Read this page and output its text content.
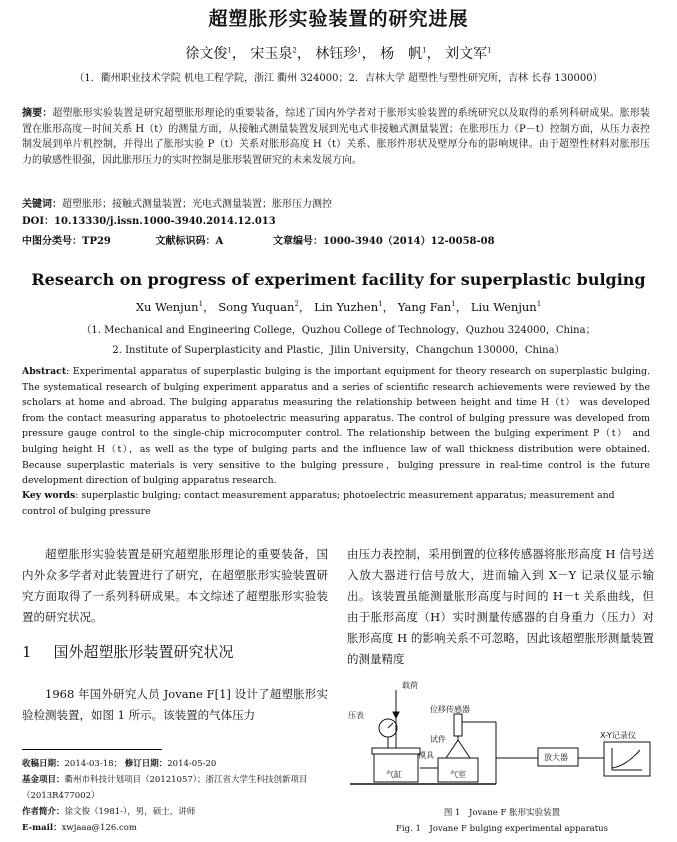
超塑胀形实验装置的研究进展
徐文俊$^1$， 宋玉泉$^2$， 林钰珍$^1$， 杨　帆$^1$， 刘文军$^1$
（1．衢州职业技术学院 机电工程学院，浙江 衢州 324000；2．吉林大学 超塑性与塑性研究所，吉林 长春 130000）
摘要：超塑胀形实验装置是研究超塑胀形理论的重要装备，综述了国内外学者对于胀形实验装置的系统研究以及取得的系列科研成果。胀形装置在胀形高度－时间关系 H（t）的测量方面，从接触式测量装置发展到光电式非接触式测量装置；在胀形压力（P－t）控制方面，从压力表控制发展到单片机控制，并得出了胀形实验 P（t）关系对胀形高度 H（t）关系、胀形件形状及壁厚分布的影响规律。由于超塑性材料对胀形压力的敏感性很强，因此胀形压力的实时控制是胀形装置研究的未来发展方向。
关键词：超塑胀形；接触式测量装置；光电式测量装置；胀形压力测控
DOI：10.13330/j.issn.1000-3940.2014.12.013
中图分类号：TP29	文献标识码：A	文章编号：1000-3940（2014）12-0058-08
Research on progress of experiment facility for superplastic bulging
Xu Wenjun$^1$， Song Yuquan$^2$， Lin Yuzhen$^1$， Yang Fan$^1$， Liu Wenjun$^1$
（1. Mechanical and Engineering College，Quzhou College of Technology，Quzhou 324000，China；
2. Institute of Superplasticity and Plastic，Jilin University，Changchun 130000，China）
Abstract: Experimental apparatus of superplastic bulging is the important equipment for theory research on superplastic bulging. The systematical research of bulging experiment apparatus and a series of scientific research achievements were reviewed by the scholars at home and abroad. The bulging apparatus measuring the relationship between height and time H（t） was developed from the contact measuring apparatus to photoelectric measuring apparatus. The control of bulging pressure was developed from pressure gauge control to the single-chip microcomputer control. The relationship between the bulging experiment P（t） and bulging height H（t），as well as the type of bulging parts and the influence law of wall thickness distribution were obtained. Because superplastic materials is very sensitive to the bulging pressure，bulging pressure in real-time control is the future development direction of bulging apparatus research.
Key words: superplastic bulging; contact measurement apparatus; photoelectric measurement apparatus; measurement and control of bulging pressure
超塑胀形实验装置是研究超塑胀形理论的重要装备，国内外众多学者对此装置进行了研究，在超塑胀形实验装置研究方面取得了一系列科研成果。本文综述了超塑胀形实验装置的研究状况。
1 国外超塑胀形装置研究状况
1968 年国外研究人员 Jovane F[1] 设计了超塑胀形实验检测装置，如图 1 所示。该装置的气体压力
由压力表控制，采用倒置的位移传感器将胀形高度 H 信号送入放大器进行信号放大，进而输入到 X－Y 记录仪显示输出。该装置虽能测量胀形高度与时间的 H－t 关系曲线，但由于胀形高度（H）实时测量传感器的自身重力（压力）对胀形高度 H 的影响关系不可忽略，因此该超塑胀形测量装置的测量精度
收稿日期：2014-03-18； 修订日期：2014-05-20
基金项目：衢州市科技计划项目（20121057）；浙江省大学生科技创新项目（2013R477002）
作者简介：徐文俊（1981-），男，硕士，讲师
E-mail：xwjaaa@126.com
载荷
压表
气缸	气室
模具
试件
位移传感器
放大器
X-Y记录仪
图 1　Jovane F 胀形实验装置
Fig. 1　Jovane F bulging experimental apparatus
